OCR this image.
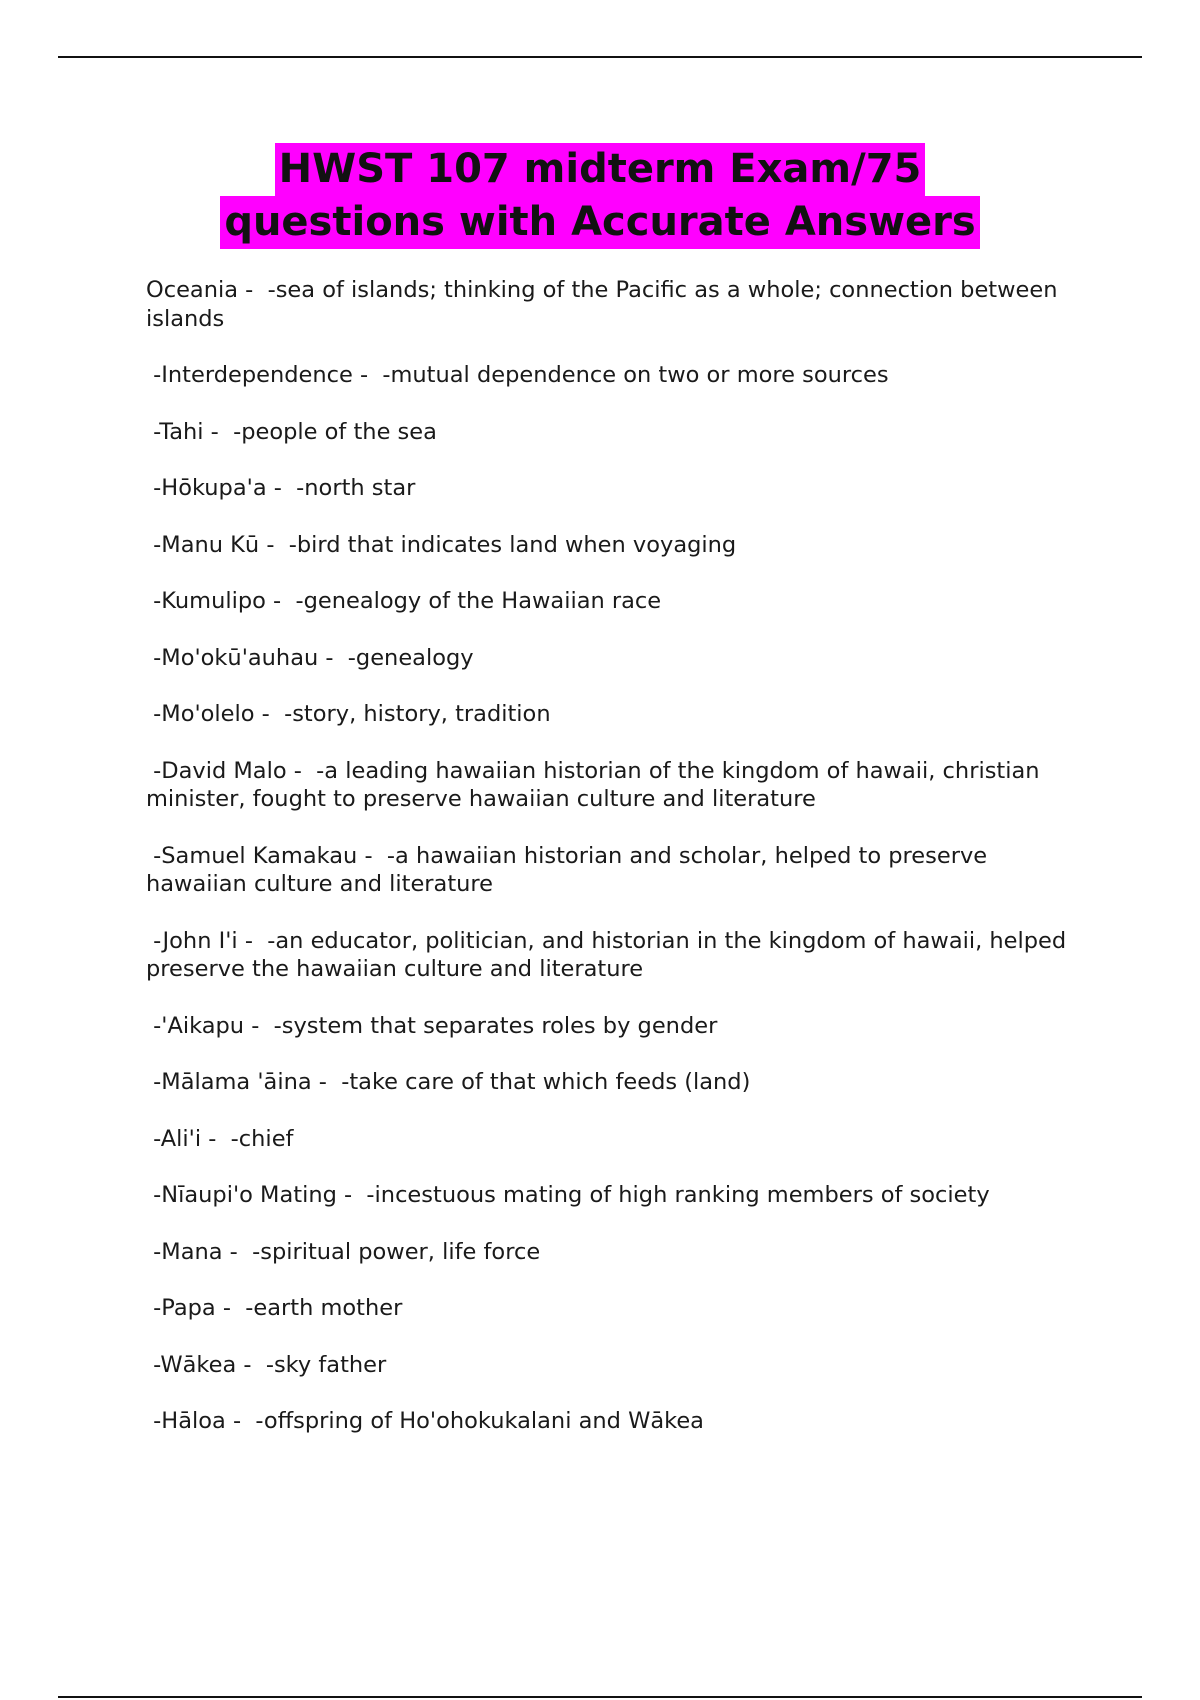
HWST 107 midterm Exam/75
questions with Accurate Answers
Oceania -  -sea of islands; thinking of the Pacific as a whole; connection between islands
-Interdependence -  -mutual dependence on two or more sources
-Tahi -  -people of the sea
-Hōkupa'a -  -north star
-Manu Kū -  -bird that indicates land when voyaging
-Kumulipo -  -genealogy of the Hawaiian race
-Mo'okū'auhau -  -genealogy
-Mo'olelo -  -story, history, tradition
-David Malo -  -a leading hawaiian historian of the kingdom of hawaii, christian minister, fought to preserve hawaiian culture and literature
-Samuel Kamakau -  -a hawaiian historian and scholar, helped to preserve hawaiian culture and literature
-John I'i -  -an educator, politician, and historian in the kingdom of hawaii, helped preserve the hawaiian culture and literature
-'Aikapu -  -system that separates roles by gender
-Mālama 'āina -  -take care of that which feeds (land)
-Ali'i -  -chief
-Nīaupi'o Mating -  -incestuous mating of high ranking members of society
-Mana -  -spiritual power, life force
-Papa -  -earth mother
-Wākea -  -sky father
-Hāloa -  -offspring of Ho'ohokukalani and Wākea
